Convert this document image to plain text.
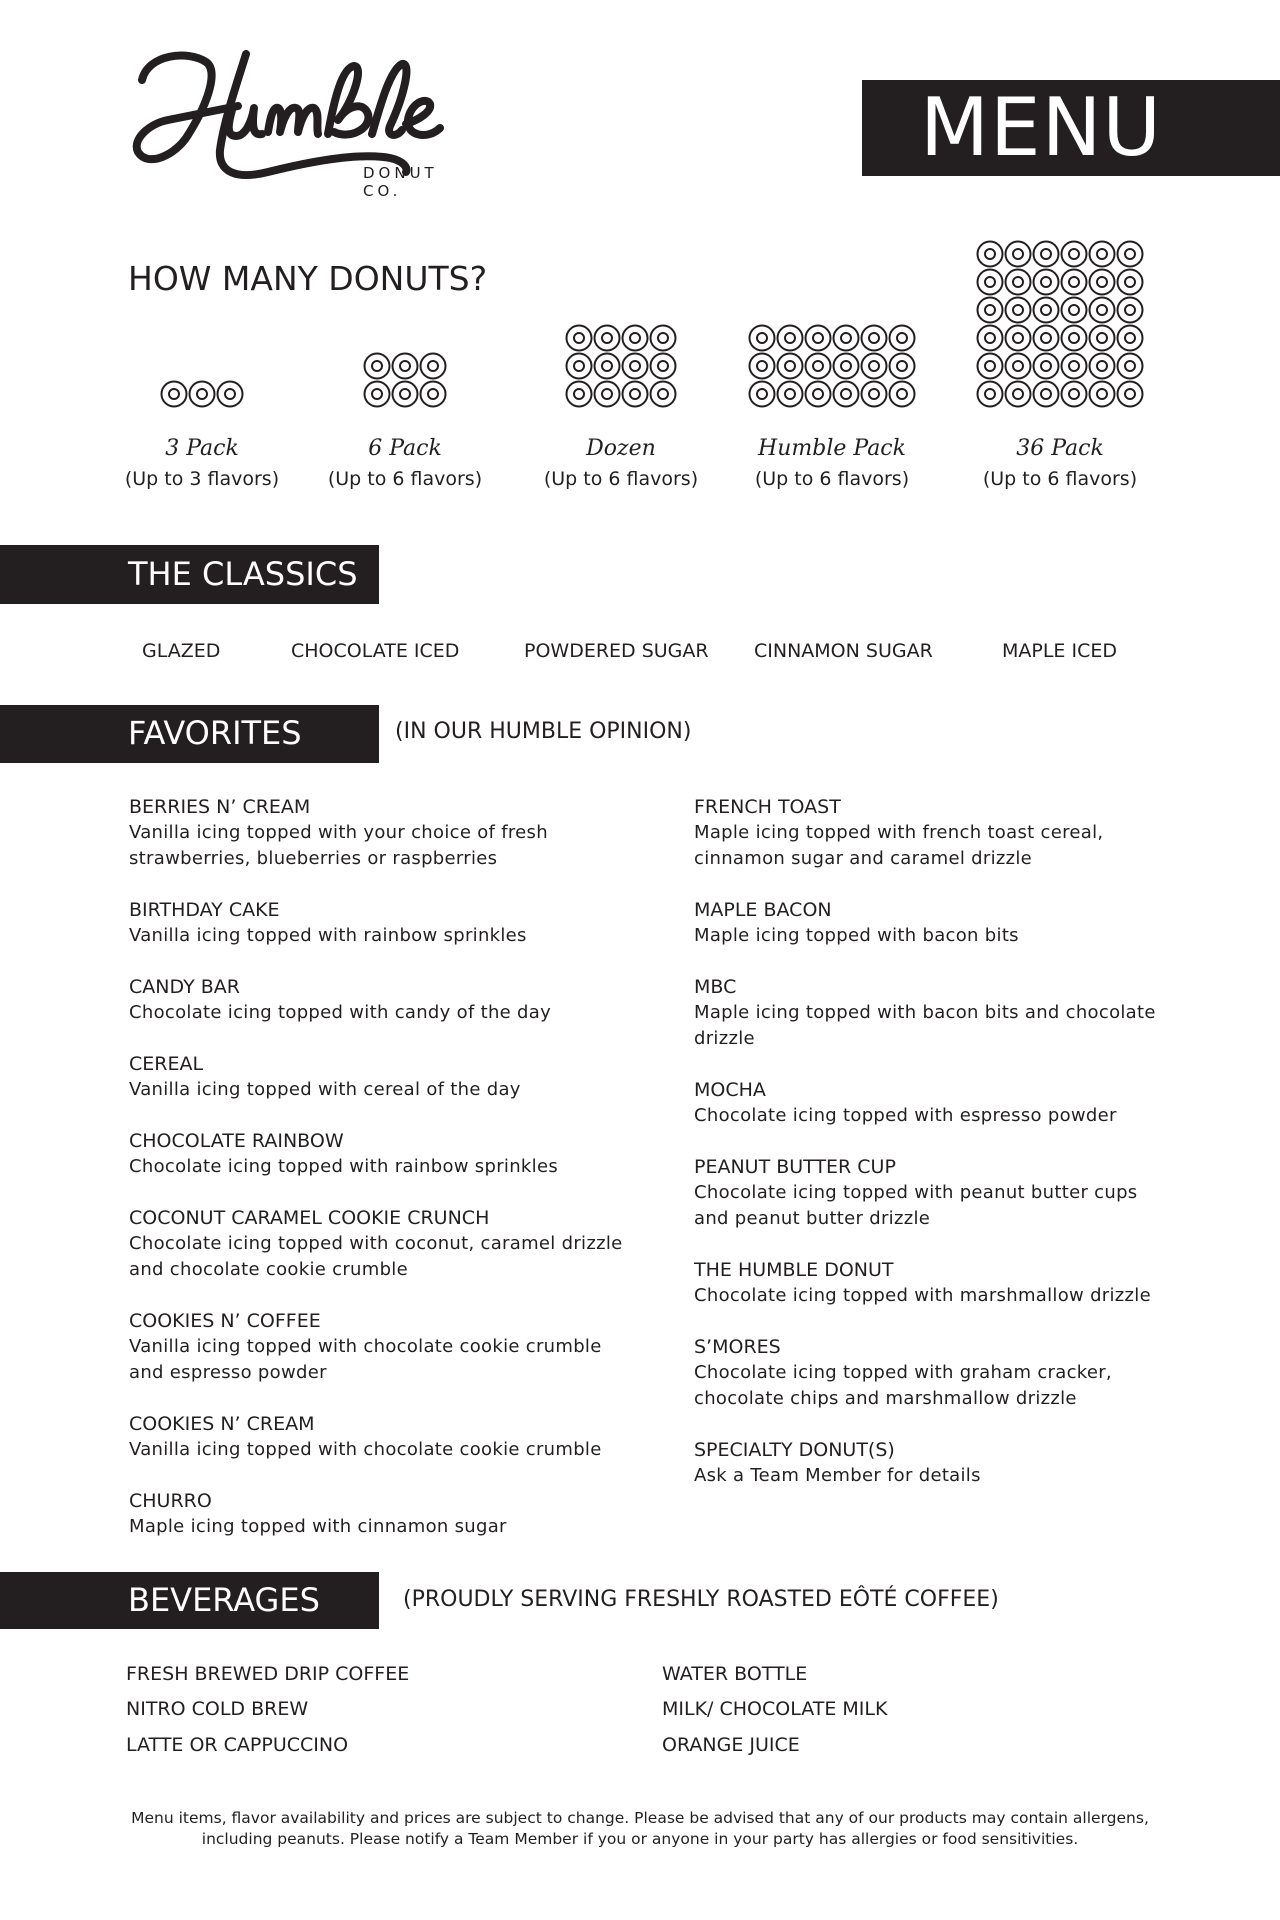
DONUT CO.
MENU
HOW MANY DONUTS?
3 Pack
(Up to 3 flavors)
6 Pack
(Up to 6 flavors)
Dozen
(Up to 6 flavors)
Humble Pack
(Up to 6 flavors)
36 Pack
(Up to 6 flavors)
THE CLASSICS
GLAZED	CHOCOLATE ICED	POWDERED SUGAR CINNAMON SUGAR	MAPLE ICED
FAVORITES	(IN OUR HUMBLE OPINION)
BERRIES N’ CREAM
Vanilla icing topped with your choice of fresh
strawberries, blueberries or raspberries
BIRTHDAY CAKE
Vanilla icing topped with rainbow sprinkles
CANDY BAR
Chocolate icing topped with candy of the day
CEREAL
Vanilla icing topped with cereal of the day
CHOCOLATE RAINBOW
Chocolate icing topped with rainbow sprinkles
COCONUT CARAMEL COOKIE CRUNCH
Chocolate icing topped with coconut, caramel drizzle
and chocolate cookie crumble
COOKIES N’ COFFEE
Vanilla icing topped with chocolate cookie crumble
and espresso powder
COOKIES N’ CREAM
Vanilla icing topped with chocolate cookie crumble
CHURRO
Maple icing topped with cinnamon sugar
FRENCH TOAST
Maple icing topped with french toast cereal,
cinnamon sugar and caramel drizzle
MAPLE BACON
Maple icing topped with bacon bits
MBC
Maple icing topped with bacon bits and chocolate
drizzle
MOCHA
Chocolate icing topped with espresso powder
PEANUT BUTTER CUP
Chocolate icing topped with peanut butter cups
and peanut butter drizzle
THE HUMBLE DONUT
Chocolate icing topped with marshmallow drizzle
S’MORES
Chocolate icing topped with graham cracker,
chocolate chips and marshmallow drizzle
SPECIALTY DONUT(S)
Ask a Team Member for details
BEVERAGES	(PROUDLY SERVING FRESHLY ROASTED EÔTÉ COFFEE)
FRESH BREWED DRIP COFFEE
NITRO COLD BREW
LATTE OR CAPPUCCINO
WATER BOTTLE
MILK/ CHOCOLATE MILK
ORANGE JUICE
Menu items, flavor availability and prices are subject to change. Please be advised that any of our products may contain allergens,
including peanuts. Please notify a Team Member if you or anyone in your party has allergies or food sensitivities.
